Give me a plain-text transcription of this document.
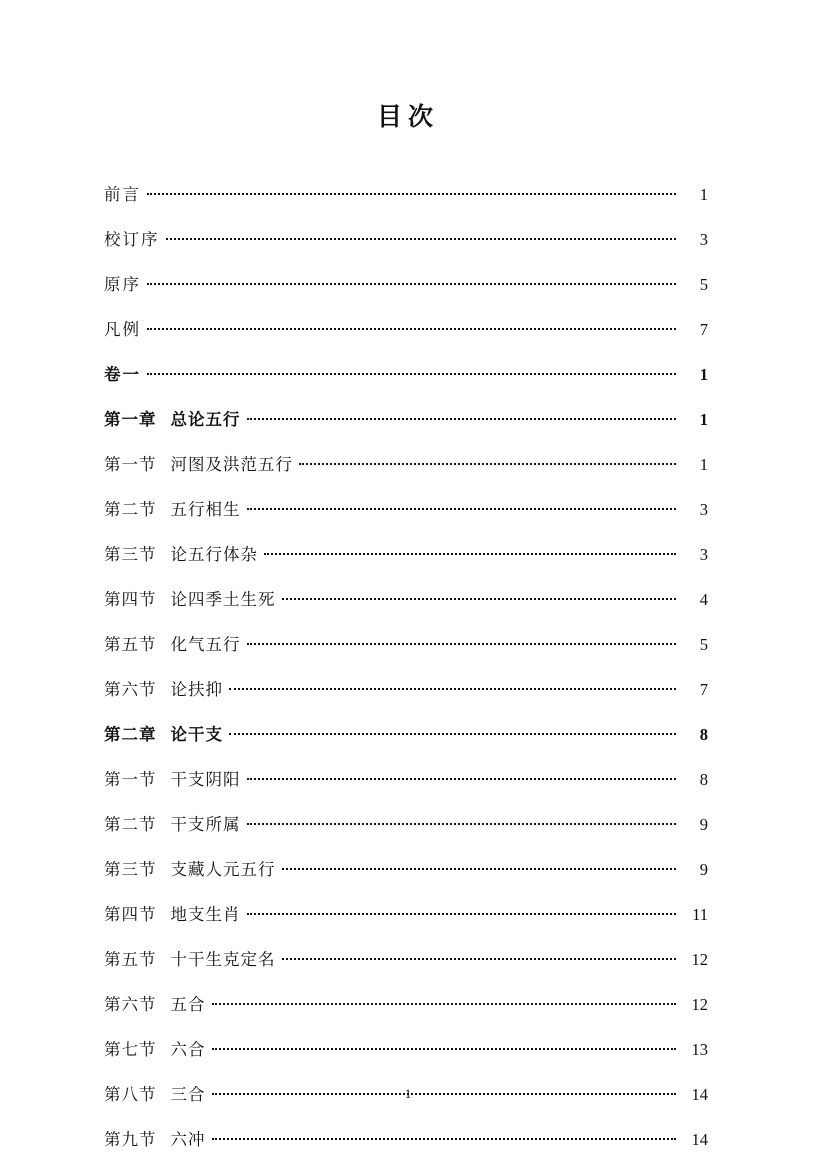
目次
前言	1
校订序	3
原序	5
凡例	7
卷一	1
第一章 总论五行	1
第一节 河图及洪范五行	1
第二节 五行相生	3
第三节 论五行体杂	3
第四节 论四季土生死	4
第五节 化气五行	5
第六节 论扶抑	7
第二章 论干支	8
第一节 干支阴阳	8
第二节 干支所属	9
第三节 支藏人元五行	9
第四节 地支生肖	11
第五节 十干生克定名	12
第六节 五合	12
第七节 六合	13
第八节 三合	14
第九节 六冲	14
1
